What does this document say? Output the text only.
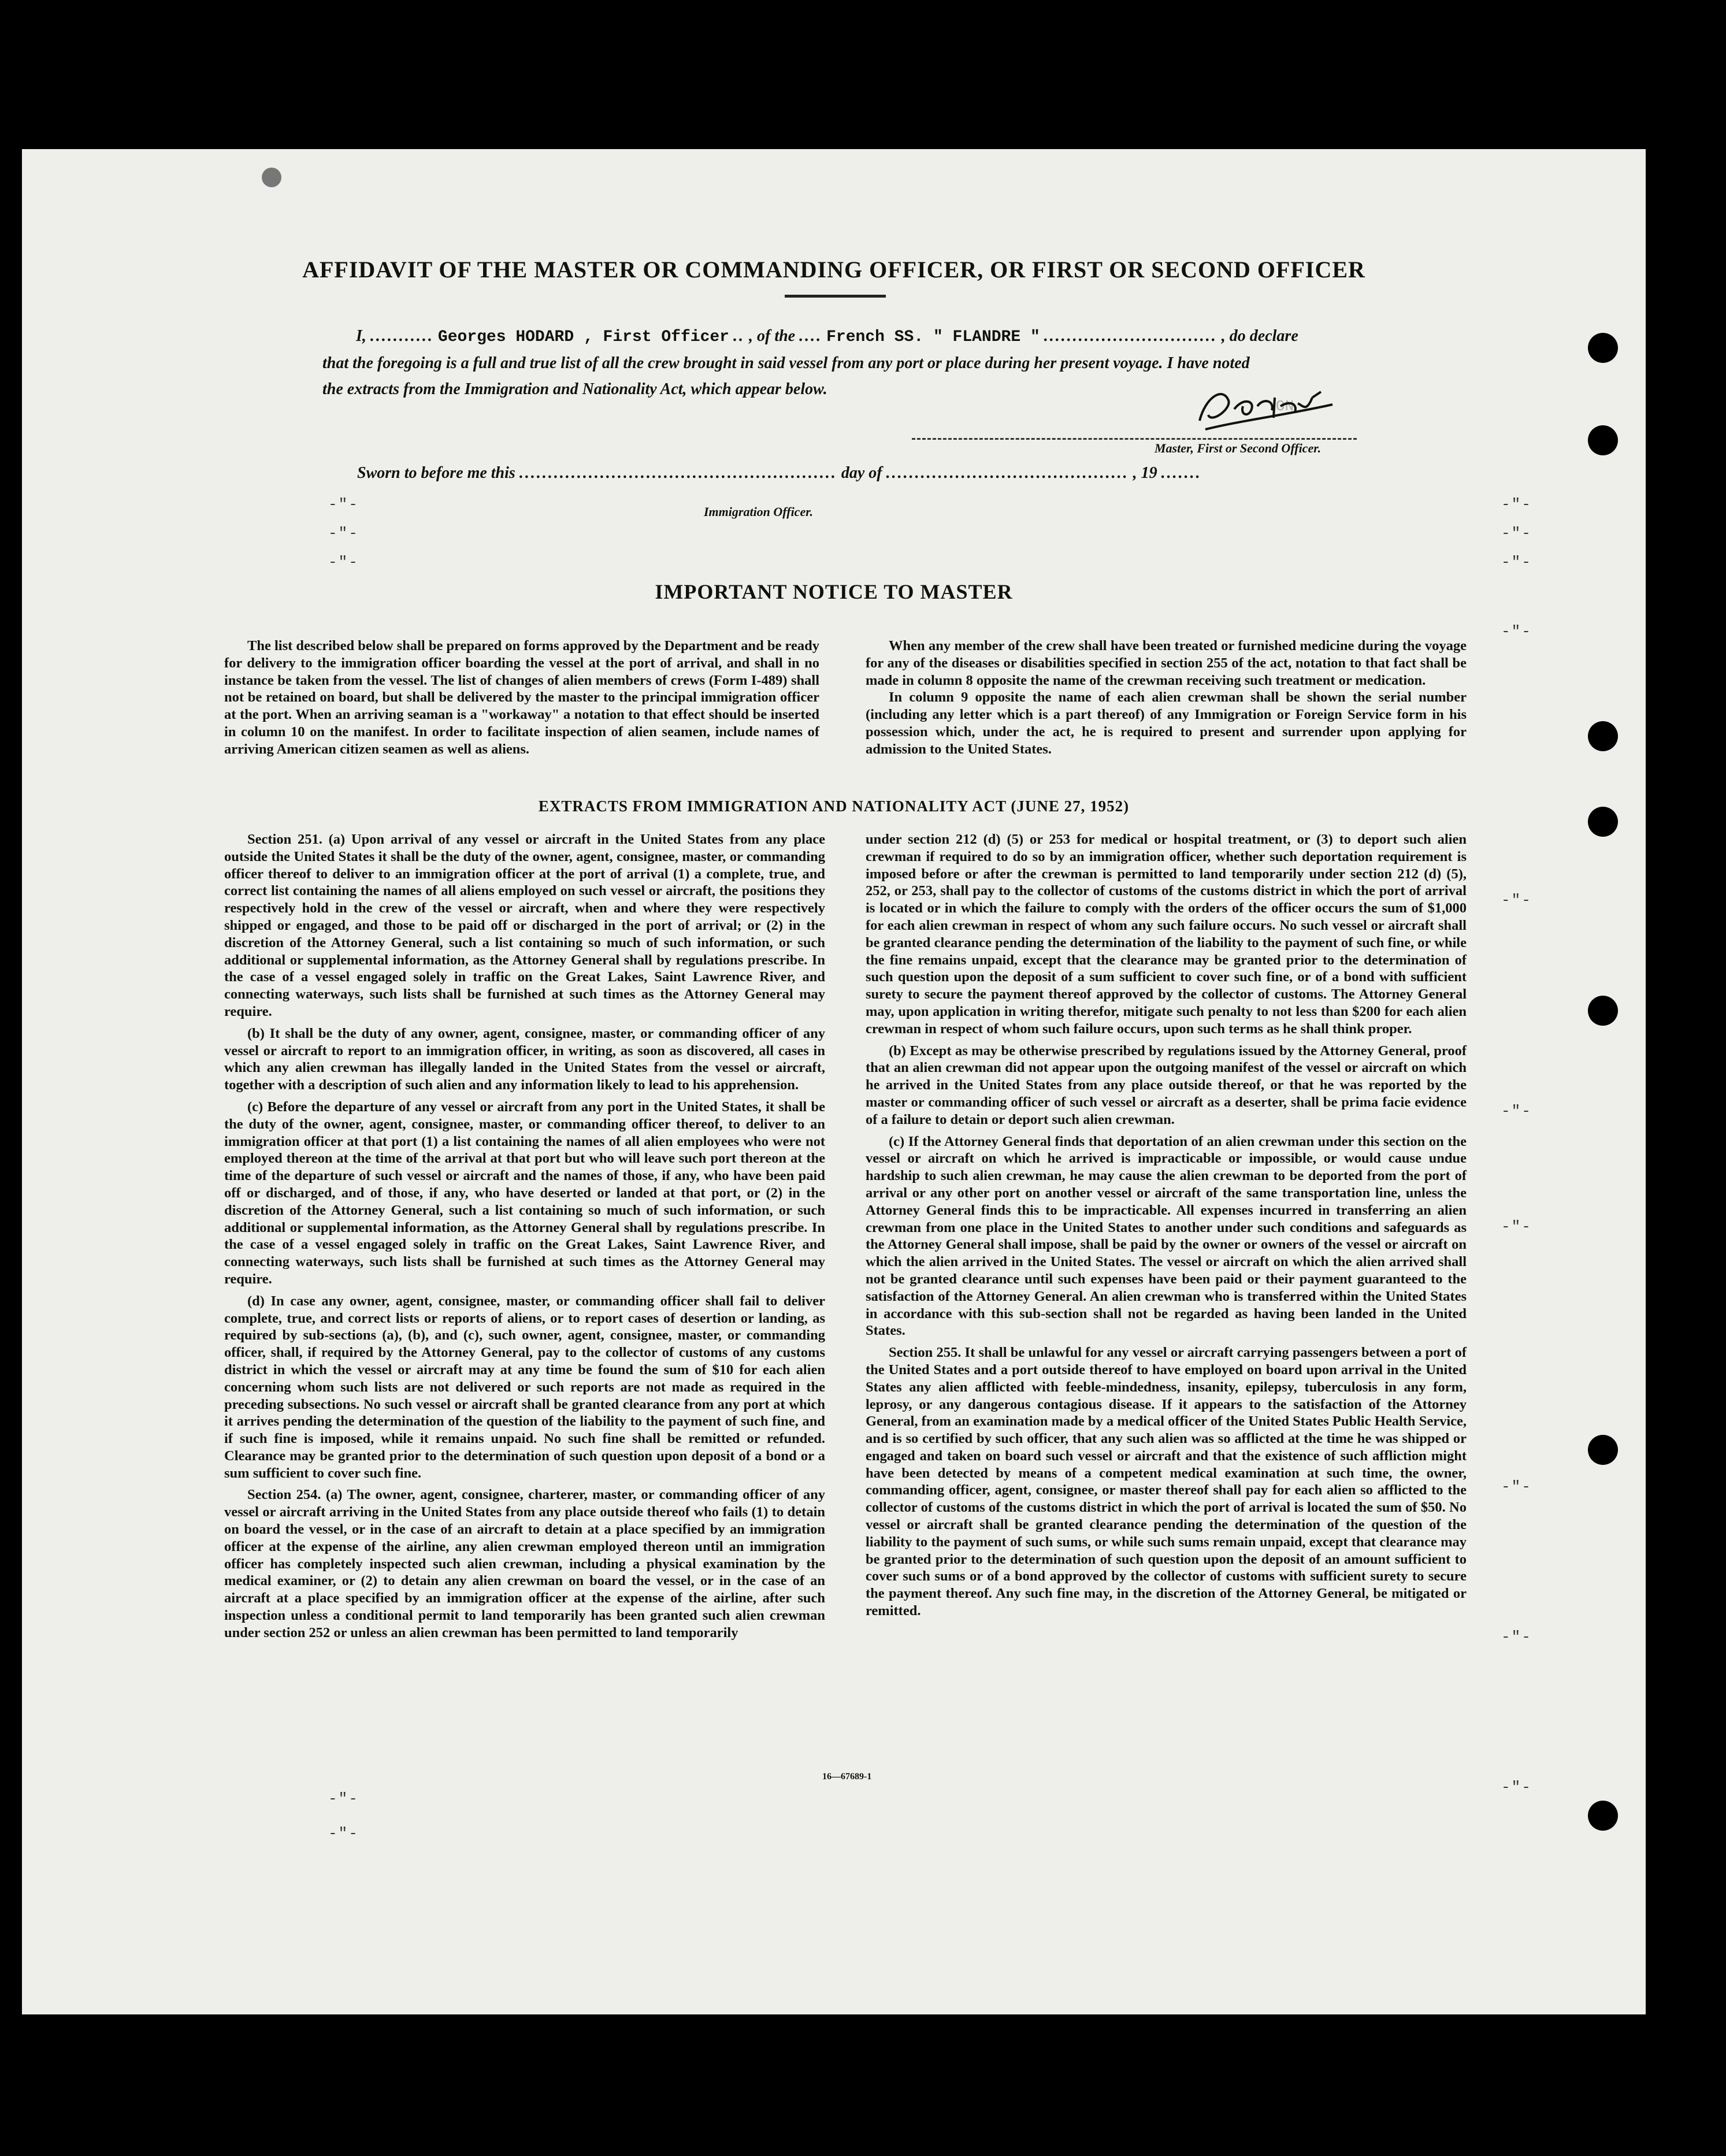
ON
AFFIDAVIT OF THE MASTER OR COMMANDING OFFICER, OR FIRST OR SECOND OFFICER
I, ........... Georges HODARD , First Officer .. , of the .... French SS. " FLANDRE " .............................. , do declare
that the foregoing is a full and true list of all the crew brought in said vessel from any port or place during her present voyage. I have noted
the extracts from the Immigration and Nationality Act, which appear below.
Master, First or Second Officer.
Sworn to before me this ....................................................... day of .......................................... , 19 .......
Immigration Officer.
-"-
-"-
-"-
-"-
-"-
-"-
-"-
-"-
-"-
-"-
-"-
-"-
-"-
-"-
-"-
IMPORTANT NOTICE TO MASTER

The list described below shall be prepared on forms approved by the Department and be ready for delivery to the immigration officer boarding the vessel at the port of arrival, and shall in no instance be taken from the vessel. The list of changes of alien members of crews (Form I-489) shall not be retained on board, but shall be delivered by the master to the principal immigration officer at the port. When an arriving seaman is a "workaway" a notation to that effect should be inserted in column 10 on the manifest. In order to facilitate inspection of alien seamen, include names of arriving American citizen seamen as well as aliens.

When any member of the crew shall have been treated or furnished medicine during the voyage for any of the diseases or disabilities specified in section 255 of the act, notation to that fact shall be made in column 8 opposite the name of the crewman receiving such treatment or medication.

In column 9 opposite the name of each alien crewman shall be shown the serial number (including any letter which is a part thereof) of any Immigration or Foreign Service form in his possession which, under the act, he is required to present and surrender upon applying for admission to the United States.

EXTRACTS FROM IMMIGRATION AND NATIONALITY ACT (JUNE 27, 1952)

Section 251. (a) Upon arrival of any vessel or aircraft in the United States from any place outside the United States it shall be the duty of the owner, agent, consignee, master, or commanding officer thereof to deliver to an immigration officer at the port of arrival (1) a complete, true, and correct list containing the names of all aliens employed on such vessel or aircraft, the positions they respectively hold in the crew of the vessel or aircraft, when and where they were respectively shipped or engaged, and those to be paid off or discharged in the port of arrival; or (2) in the discretion of the Attorney General, such a list containing so much of such information, or such additional or supplemental information, as the Attorney General shall by regulations prescribe. In the case of a vessel engaged solely in traffic on the Great Lakes, Saint Lawrence River, and connecting waterways, such lists shall be furnished at such times as the Attorney General may require.

(b) It shall be the duty of any owner, agent, consignee, master, or commanding officer of any vessel or aircraft to report to an immigration officer, in writing, as soon as discovered, all cases in which any alien crewman has illegally landed in the United States from the vessel or aircraft, together with a description of such alien and any information likely to lead to his apprehension.

(c) Before the departure of any vessel or aircraft from any port in the United States, it shall be the duty of the owner, agent, consignee, master, or commanding officer thereof, to deliver to an immigration officer at that port (1) a list containing the names of all alien employees who were not employed thereon at the time of the arrival at that port but who will leave such port thereon at the time of the departure of such vessel or aircraft and the names of those, if any, who have been paid off or discharged, and of those, if any, who have deserted or landed at that port, or (2) in the discretion of the Attorney General, such a list containing so much of such information, or such additional or supplemental information, as the Attorney General shall by regulations prescribe. In the case of a vessel engaged solely in traffic on the Great Lakes, Saint Lawrence River, and connecting waterways, such lists shall be furnished at such times as the Attorney General may require.

(d) In case any owner, agent, consignee, master, or commanding officer shall fail to deliver complete, true, and correct lists or reports of aliens, or to report cases of desertion or landing, as required by sub-sections (a), (b), and (c), such owner, agent, consignee, master, or commanding officer, shall, if required by the Attorney General, pay to the collector of customs of any customs district in which the vessel or aircraft may at any time be found the sum of $10 for each alien concerning whom such lists are not delivered or such reports are not made as required in the preceding subsections. No such vessel or aircraft shall be granted clearance from any port at which it arrives pending the determination of the question of the liability to the payment of such fine, and if such fine is imposed, while it remains unpaid. No such fine shall be remitted or refunded. Clearance may be granted prior to the determination of such question upon deposit of a bond or a sum sufficient to cover such fine.

Section 254. (a) The owner, agent, consignee, charterer, master, or commanding officer of any vessel or aircraft arriving in the United States from any place outside thereof who fails (1) to detain on board the vessel, or in the case of an aircraft to detain at a place specified by an immigration officer at the expense of the airline, any alien crewman employed thereon until an immigration officer has completely inspected such alien crewman, including a physical examination by the medical examiner, or (2) to detain any alien crewman on board the vessel, or in the case of an aircraft at a place specified by an immigration officer at the expense of the airline, after such inspection unless a conditional permit to land temporarily has been granted such alien crewman under section 252 or unless an alien crewman has been permitted to land temporarily

under section 212 (d) (5) or 253 for medical or hospital treatment, or (3) to deport such alien crewman if required to do so by an immigration officer, whether such deportation requirement is imposed before or after the crewman is permitted to land temporarily under section 212 (d) (5), 252, or 253, shall pay to the collector of customs of the customs district in which the port of arrival is located or in which the failure to comply with the orders of the officer occurs the sum of $1,000 for each alien crewman in respect of whom any such failure occurs. No such vessel or aircraft shall be granted clearance pending the determination of the liability to the payment of such fine, or while the fine remains unpaid, except that the clearance may be granted prior to the determination of such question upon the deposit of a sum sufficient to cover such fine, or of a bond with sufficient surety to secure the payment thereof approved by the collector of customs. The Attorney General may, upon application in writing therefor, mitigate such penalty to not less than $200 for each alien crewman in respect of whom such failure occurs, upon such terms as he shall think proper.

(b) Except as may be otherwise prescribed by regulations issued by the Attorney General, proof that an alien crewman did not appear upon the outgoing manifest of the vessel or aircraft on which he arrived in the United States from any place outside thereof, or that he was reported by the master or commanding officer of such vessel or aircraft as a deserter, shall be prima facie evidence of a failure to detain or deport such alien crewman.

(c) If the Attorney General finds that deportation of an alien crewman under this section on the vessel or aircraft on which he arrived is impracticable or impossible, or would cause undue hardship to such alien crewman, he may cause the alien crewman to be deported from the port of arrival or any other port on another vessel or aircraft of the same transportation line, unless the Attorney General finds this to be impracticable. All expenses incurred in transferring an alien crewman from one place in the United States to another under such conditions and safeguards as the Attorney General shall impose, shall be paid by the owner or owners of the vessel or aircraft on which the alien arrived in the United States. The vessel or aircraft on which the alien arrived shall not be granted clearance until such expenses have been paid or their payment guaranteed to the satisfaction of the Attorney General. An alien crewman who is transferred within the United States in accordance with this sub-section shall not be regarded as having been landed in the United States.

Section 255. It shall be unlawful for any vessel or aircraft carrying passengers between a port of the United States and a port outside thereof to have employed on board upon arrival in the United States any alien afflicted with feeble-mindedness, insanity, epilepsy, tuberculosis in any form, leprosy, or any dangerous contagious disease. If it appears to the satisfaction of the Attorney General, from an examination made by a medical officer of the United States Public Health Service, and is so certified by such officer, that any such alien was so afflicted at the time he was shipped or engaged and taken on board such vessel or aircraft and that the existence of such affliction might have been detected by means of a competent medical examination at such time, the owner, commanding officer, agent, consignee, or master thereof shall pay for each alien so afflicted to the collector of customs of the customs district in which the port of arrival is located the sum of $50. No vessel or aircraft shall be granted clearance pending the determination of the question of the liability to the payment of such sums, or while such sums remain unpaid, except that clearance may be granted prior to the determination of such question upon the deposit of an amount sufficient to cover such sums or of a bond approved by the collector of customs with sufficient surety to secure the payment thereof. Any such fine may, in the discretion of the Attorney General, be mitigated or remitted.

16—67689-1
